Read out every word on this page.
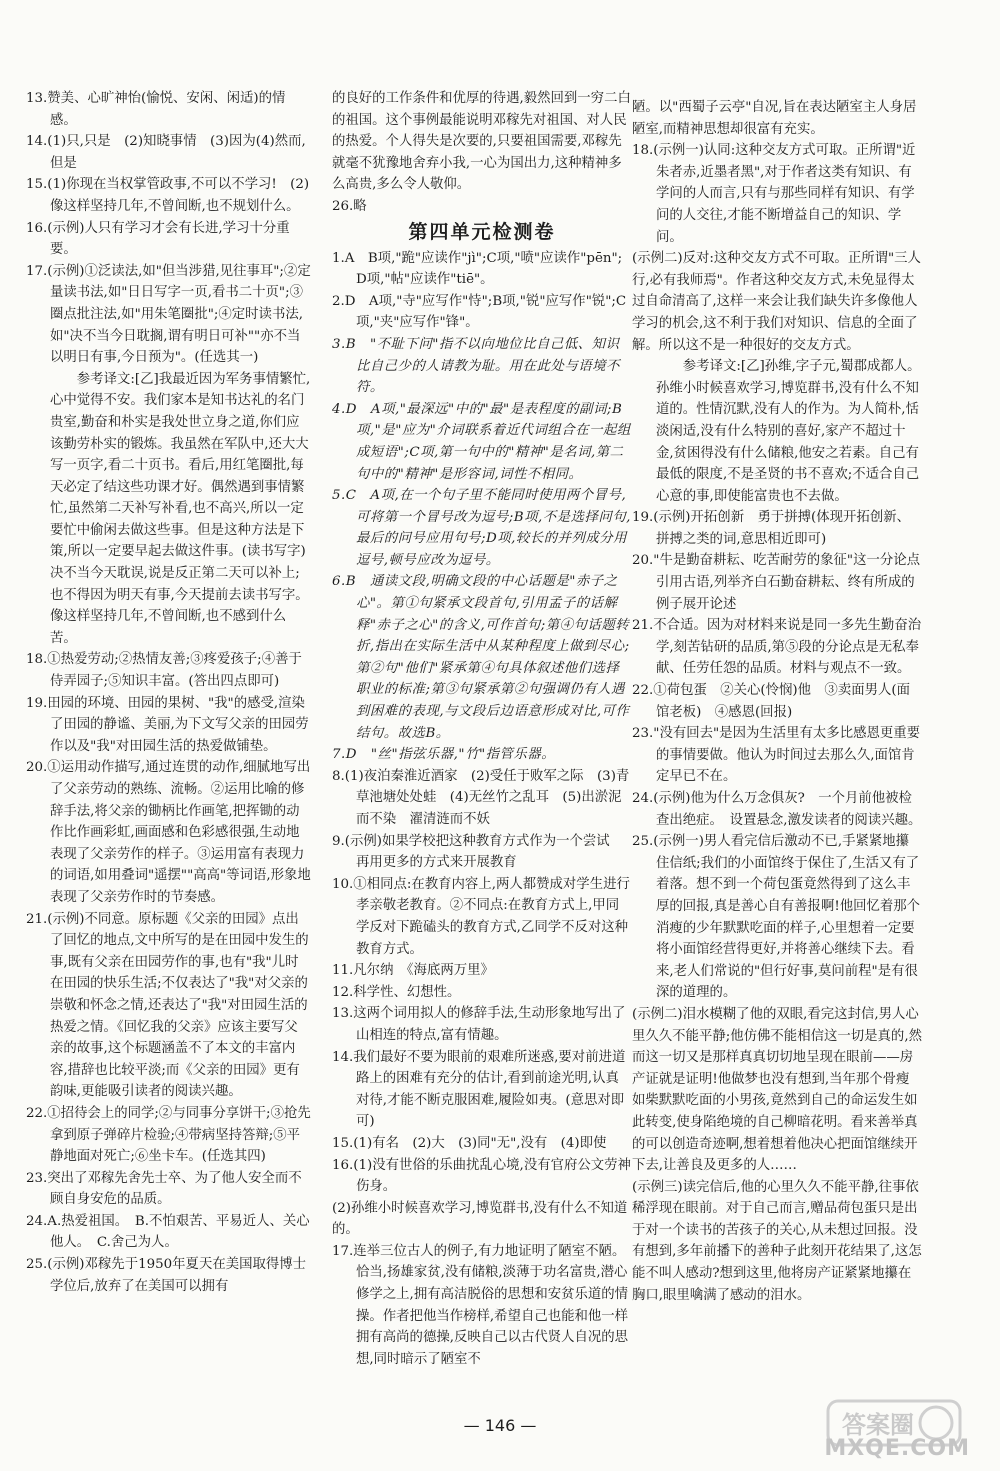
13.赞美、心旷神怡(愉悦、安闲、闲适)的情感。

14.(1)只,只是　(2)知晓事情　(3)因为(4)然而,但是

15.(1)你现在当权掌管政事,不可以不学习!　(2)像这样坚持几年,不曾间断,也不规划什么。

16.(示例)人只有学习才会有长进,学习十分重要。

17.(示例)①泛读法,如"但当涉猎,见往事耳";②定量读书法,如"日日写字一页,看书二十页";③圈点批注法,如"用朱笔圈批";④定时读书法,如"决不当今日耽搁,谓有明日可补""亦不当以明日有事,今日预为"。(任选其一)

参考译文:[乙]我最近因为军务事情繁忙,心中觉得不安。我们家本是知书达礼的名门贵室,勤奋和朴实是我处世立身之道,你们应该勤劳朴实的锻炼。我虽然在军队中,还大大写一页字,看二十页书。看后,用红笔圈批,每天必定了结这些功课才好。偶然遇到事情繁忙,虽然第二天补写补看,也不高兴,所以一定要忙中偷闲去做这些事。但是这种方法是下策,所以一定要早起去做这件事。(读书写字)决不当今天耽误,说是反正第二天可以补上;也不得因为明天有事,今天提前去读书写字。像这样坚持几年,不曾间断,也不感到什么苦。

18.①热爱劳动;②热情友善;③疼爱孩子;④善于侍弄园子;⑤知识丰富。(答出四点即可)

19.田园的环境、田园的果树、"我"的感受,渲染了田园的静谧、美丽,为下文写父亲的田园劳作以及"我"对田园生活的热爱做铺垫。

20.①运用动作描写,通过连贯的动作,细腻地写出了父亲劳动的熟练、流畅。②运用比喻的修辞手法,将父亲的锄柄比作画笔,把挥锄的动作比作画彩虹,画面感和色彩感很强,生动地表现了父亲劳作的样子。③运用富有表现力的词语,如用叠词"遥摆""高高"等词语,形象地表现了父亲劳作时的节奏感。

21.(示例)不同意。原标题《父亲的田园》点出了回忆的地点,文中所写的是在田园中发生的事,既有父亲在田园劳作的事,也有"我"儿时在田园的快乐生活;不仅表达了"我"对父亲的崇敬和怀念之情,还表达了"我"对田园生活的热爱之情。《回忆我的父亲》应该主要写父亲的故事,这个标题涵盖不了本文的丰富内容,措辞也比较平淡;而《父亲的田园》更有韵味,更能吸引读者的阅读兴趣。

22.①招待会上的同学;②与同事分享饼干;③抢先拿到原子弹碎片检验;④带病坚持答辩;⑤平静地面对死亡;⑥坐卡车。(任选其四)

23.突出了邓稼先舍先士卒、为了他人安全而不顾自身安危的品质。

24.A.热爱祖国。　B.不怕艰苦、平易近人、关心他人。　C.舍己为人。

25.(示例)邓稼先于1950年夏天在美国取得博士学位后,放弃了在美国可以拥有

的良好的工作条件和优厚的待遇,毅然回到一穷二白的祖国。这个事例最能说明邓稼先对祖国、对人民的热爱。个人得失是次要的,只要祖国需要,邓稼先就毫不犹豫地舍弃小我,一心为国出力,这种精神多么高贵,多么令人敬仰。

26.略

第四单元检测卷

1.A　B项,"跪"应读作"jì";C项,"喷"应读作"pēn";D项,"帖"应读作"tiē"。

2.D　A项,"寺"应写作"恃";B项,"锐"应写作"锐";C项,"夹"应写作"锋"。

3.B　"不耻下问"指不以向地位比自己低、知识比自己少的人请教为耻。用在此处与语境不符。

4.D　A项,"最深远"中的"最"是表程度的副词;B项,"是"应为"介词联系着近代词组合在一起组成短语";C项,第一句中的"精神"是名词,第二句中的"精神"是形容词,词性不相同。

5.C　A项,在一个句子里不能同时使用两个冒号,可将第一个冒号改为逗号;B项,不是选择问句,最后的问号应用句号;D项,较长的并列成分用逗号,顿号应改为逗号。

6.B　通读文段,明确文段的中心话题是"赤子之心"。第①句紧承文段首句,引用孟子的话解释"赤子之心"的含义,可作首句;第④句话题转折,指出在实际生活中从某种程度上做到尽心;第②句"他们"紧承第④句具体叙述他们选择职业的标准;第③句紧承第②句强调仍有人遇到困难的表现,与文段后边语意形成对比,可作结句。故选B。

7.D　"丝"指弦乐器,"竹"指管乐器。

8.(1)夜泊秦淮近酒家　(2)受任于败军之际　(3)青草池塘处处蛙　(4)无丝竹之乱耳　(5)出淤泥而不染　濯清涟而不妖

9.(示例)如果学校把这种教育方式作为一个尝试　再用更多的方式来开展教育

10.①相同点:在教育内容上,两人都赞成对学生进行孝亲敬老教育。②不同点:在教育方式上,甲同学反对下跪磕头的教育方式,乙同学不反对这种教育方式。

11.凡尔纳　《海底两万里》

12.科学性、幻想性。

13.这两个词用拟人的修辞手法,生动形象地写出了山相连的特点,富有情趣。

14.我们最好不要为眼前的艰难所迷惑,要对前进道路上的困难有充分的估计,看到前途光明,认真对待,才能不断克服困难,履险如夷。(意思对即可)

15.(1)有名　(2)大　(3)同"无",没有　(4)即使

16.(1)没有世俗的乐曲扰乱心境,没有官府公文劳神伤身。

(2)孙维小时候喜欢学习,博览群书,没有什么不知道的。

17.连举三位古人的例子,有力地证明了陋室不陋。　恰当,扬雄家贫,没有储粮,淡薄于功名富贵,潜心修学之上,拥有高洁脱俗的思想和安贫乐道的情操。作者把他当作榜样,希望自己也能和他一样拥有高尚的德操,反映自己以古代贤人自况的思想,同时暗示了陋室不

陋。以"西蜀子云亭"自况,旨在表达陋室主人身居陋室,而精神思想却很富有充实。

18.(示例一)认同:这种交友方式可取。正所谓"近朱者赤,近墨者黑",对于作者这类有知识、有学问的人而言,只有与那些同样有知识、有学问的人交往,才能不断增益自己的知识、学问。

(示例二)反对:这种交友方式不可取。正所谓"三人行,必有我师焉"。作者这种交友方式,未免显得太过自命清高了,这样一来会让我们缺失许多像他人学习的机会,这不利于我们对知识、信息的全面了解。所以这不是一种很好的交友方式。

参考译文:[乙]孙维,字子元,蜀郡成都人。孙维小时候喜欢学习,博览群书,没有什么不知道的。性情沉默,没有人的作为。为人简朴,恬淡闲适,没有什么特别的喜好,家产不超过十金,贫困得没有什么储粮,他安之若素。自己有最低的限度,不是圣贤的书不喜欢;不适合自己心意的事,即使能富贵也不去做。

19.(示例)开拓创新　勇于拼搏(体现开拓创新、拼搏之类的词,意思相近即可)

20."牛是勤奋耕耘、吃苦耐劳的象征"这一分论点　引用古语,列举齐白石勤奋耕耘、终有所成的例子展开论述

21.不合适。因为对材料来说是同一多先生勤奋治学,刻苦钻研的品质,第⑤段的分论点是无私奉献、任劳任怨的品质。材料与观点不一致。

22.①荷包蛋　②关心(怜悯)他　③卖面男人(面馆老板)　④感恩(回报)

23."没有回去"是因为生活里有太多比感恩更重要的事情要做。他认为时间过去那么久,面馆肯定早已不在。

24.(示例)他为什么万念俱灰?　一个月前他被检查出绝症。　设置悬念,激发读者的阅读兴趣。

25.(示例一)男人看完信后激动不已,手紧紧地攥住信纸;我们的小面馆终于保住了,生活又有了着落。想不到一个荷包蛋竟然得到了这么丰厚的回报,真是善心自有善报啊!他回忆着那个消瘦的少年默默吃面的样子,心里想着一定要将小面馆经营得更好,并将善心继续下去。看来,老人们常说的"但行好事,莫问前程"是有很深的道理的。

(示例二)泪水模糊了他的双眼,看完这封信,男人心里久久不能平静;他仿佛不能相信这一切是真的,然而这一切又是那样真真切切地呈现在眼前——房产证就是证明!他做梦也没有想到,当年那个骨瘦如柴默默吃面的小男孩,竟然到自己的命运发生如此转变,使身陷绝境的自己柳暗花明。看来善举真的可以创造奇迹啊,想着想着他决心把面馆继续开下去,让善良及更多的人……

(示例三)读完信后,他的心里久久不能平静,往事依稀浮现在眼前。对于自己而言,赠品荷包蛋只是出于对一个读书的苦孩子的关心,从未想过回报。没有想到,多年前播下的善种子此刻开花结果了,这怎能不叫人感动?想到这里,他将房产证紧紧地攥在胸口,眼里噙满了感动的泪水。

— 146 —	答案圈
MXQE.COM
